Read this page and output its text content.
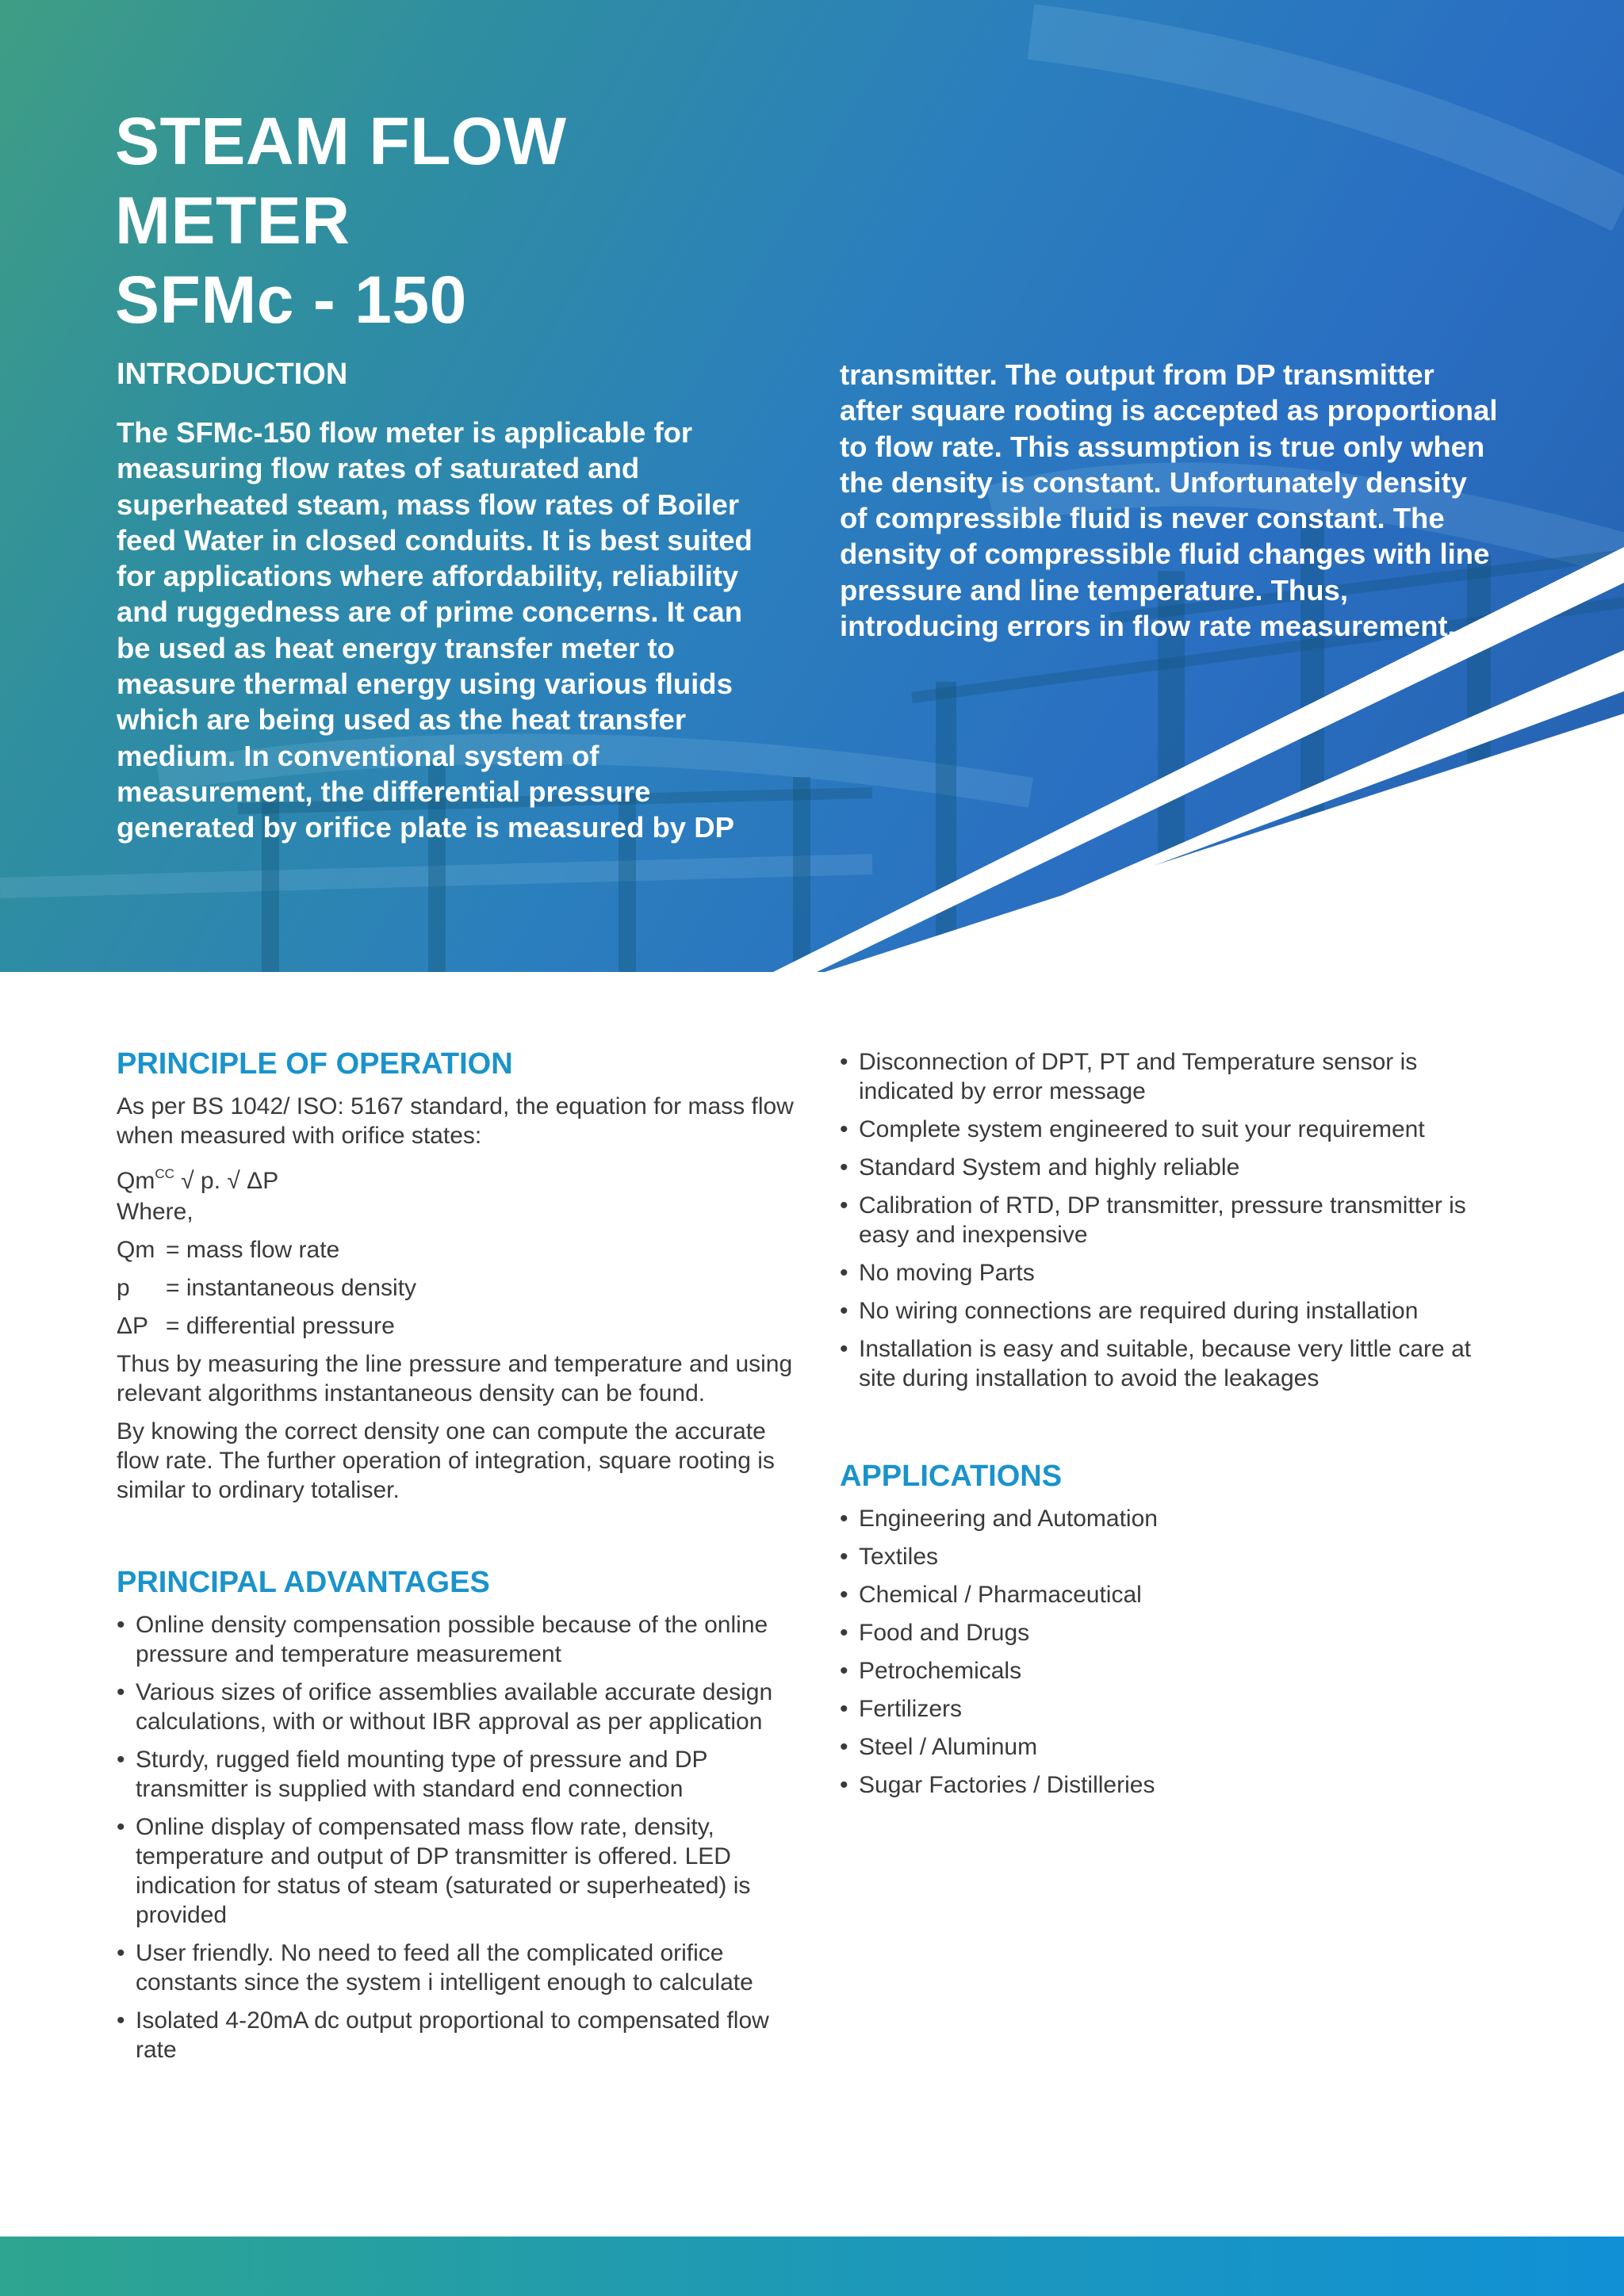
STEAM FLOW
METER
SFMc - 150
INTRODUCTION

The SFMc-150 flow meter is applicable for measuring flow rates of saturated and superheated steam, mass flow rates of Boiler feed Water in closed conduits. It is best suited for applications where affordability, reliability and ruggedness are of prime concerns. It can be used as heat energy transfer meter to measure thermal energy using various fluids which are being used as the heat transfer medium. In conventional system of measurement, the differential pressure generated by orifice plate is measured by DP

transmitter. The output from DP transmitter after square rooting is accepted as proportional to flow rate. This assumption is true only when the density is constant. Unfortunately density of compressible fluid is never constant. The density of compressible fluid changes with line pressure and line temperature. Thus, introducing errors in flow rate measurement.

PRINCIPLE OF OPERATION

As per BS 1042/ ISO: 5167 standard, the equation for mass flow when measured with orifice states:

$Qm^{CC}$ √ p. √ ΔP

Where,

Qm = mass flow rate

p = instantaneous density

ΔP = differential pressure

Thus by measuring the line pressure and temperature and using relevant algorithms instantaneous density can be found.

By knowing the correct density one can compute the accurate flow rate. The further operation of integration, square rooting is similar to ordinary totaliser.

PRINCIPAL ADVANTAGES
• Online density compensation possible because of the online pressure and temperature measurement
• Various sizes of orifice assemblies available accurate design calculations, with or without IBR approval as per application
• Sturdy, rugged field mounting type of pressure and DP transmitter is supplied with standard end connection
• Online display of compensated mass flow rate, density, temperature and output of DP transmitter is offered. LED indication for status of steam (saturated or superheated) is provided
• User friendly. No need to feed all the complicated orifice constants since the system i intelligent enough to calculate
• Isolated 4-20mA dc output proportional to compensated flow rate
• Disconnection of DPT, PT and Temperature sensor is indicated by error message
• Complete system engineered to suit your requirement
• Standard System and highly reliable
• Calibration of RTD, DP transmitter, pressure transmitter is easy and inexpensive
• No moving Parts
• No wiring connections are required during installation
• Installation is easy and suitable, because very little care at site during installation to avoid the leakages
APPLICATIONS
• Engineering and Automation
• Textiles
• Chemical / Pharmaceutical
• Food and Drugs
• Petrochemicals
• Fertilizers
• Steel / Aluminum
• Sugar Factories / Distilleries
